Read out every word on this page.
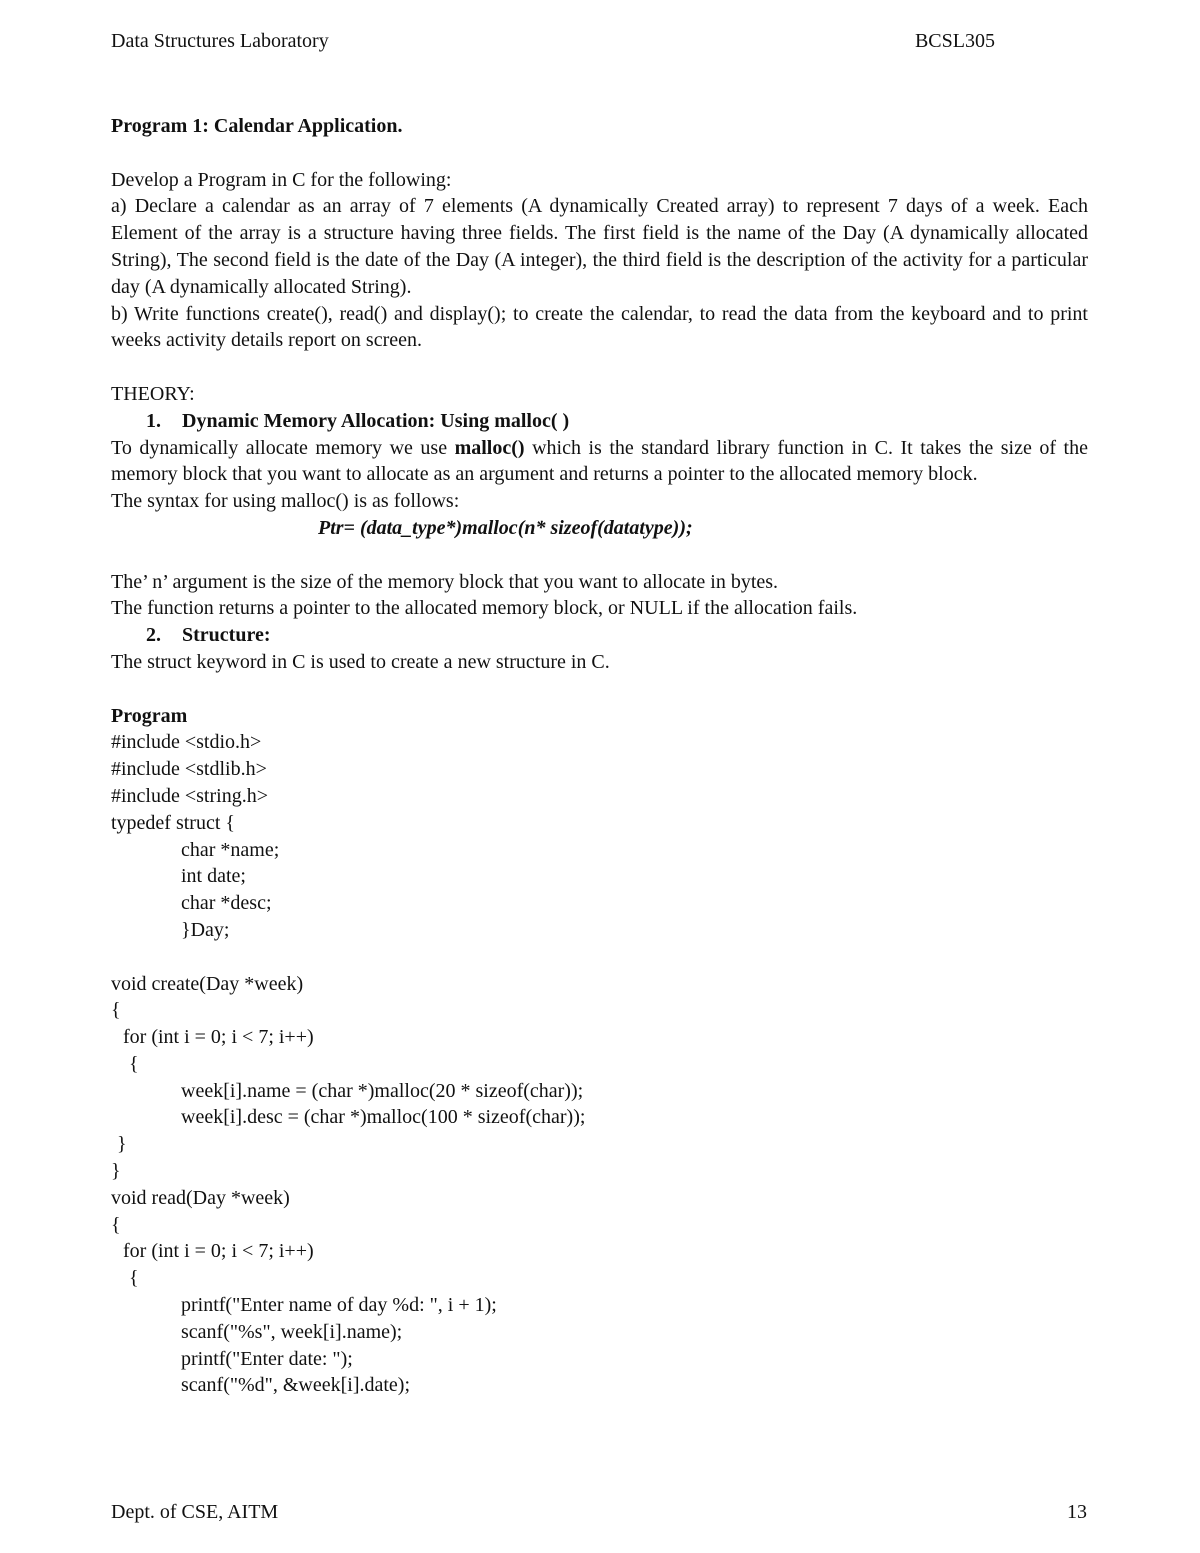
Data Structures Laboratory	BCSL305
Program 1: Calendar Application.
Develop a Program in C for the following:
a) Declare a calendar as an array of 7 elements (A dynamically Created array) to represent 7 days of a week. Each Element of the array is a structure having three fields. The first field is the name of the Day (A dynamically allocated String), The second field is the date of the Day (A integer), the third field is the description of the activity for a particular day (A dynamically allocated String).
b) Write functions create(), read() and display(); to create the calendar, to read the data from the keyboard and to print weeks activity details report on screen.
THEORY:
1. Dynamic Memory Allocation: Using malloc( )
To dynamically allocate memory we use malloc() which is the standard library function in C. It takes the size of the memory block that you want to allocate as an argument and returns a pointer to the allocated memory block.
The syntax for using malloc() is as follows:
Ptr= (data_type*)malloc(n* sizeof(datatype));
The’ n’ argument is the size of the memory block that you want to allocate in bytes.
The function returns a pointer to the allocated memory block, or NULL if the allocation fails.
2. Structure:
The struct keyword in C is used to create a new structure in C.
Program
#include <stdio.h>
#include <stdlib.h>
#include <string.h>
typedef struct {
char *name;
int date;
char *desc;
}Day;
void create(Day *week)
{
for (int i = 0; i < 7; i++)
{
week[i].name = (char *)malloc(20 * sizeof(char));
week[i].desc = (char *)malloc(100 * sizeof(char));
}
}
void read(Day *week)
{
for (int i = 0; i < 7; i++)
{
printf("Enter name of day %d: ", i + 1);
scanf("%s", week[i].name);
printf("Enter date: ");
scanf("%d", &week[i].date);
Dept. of CSE, AITM	13
